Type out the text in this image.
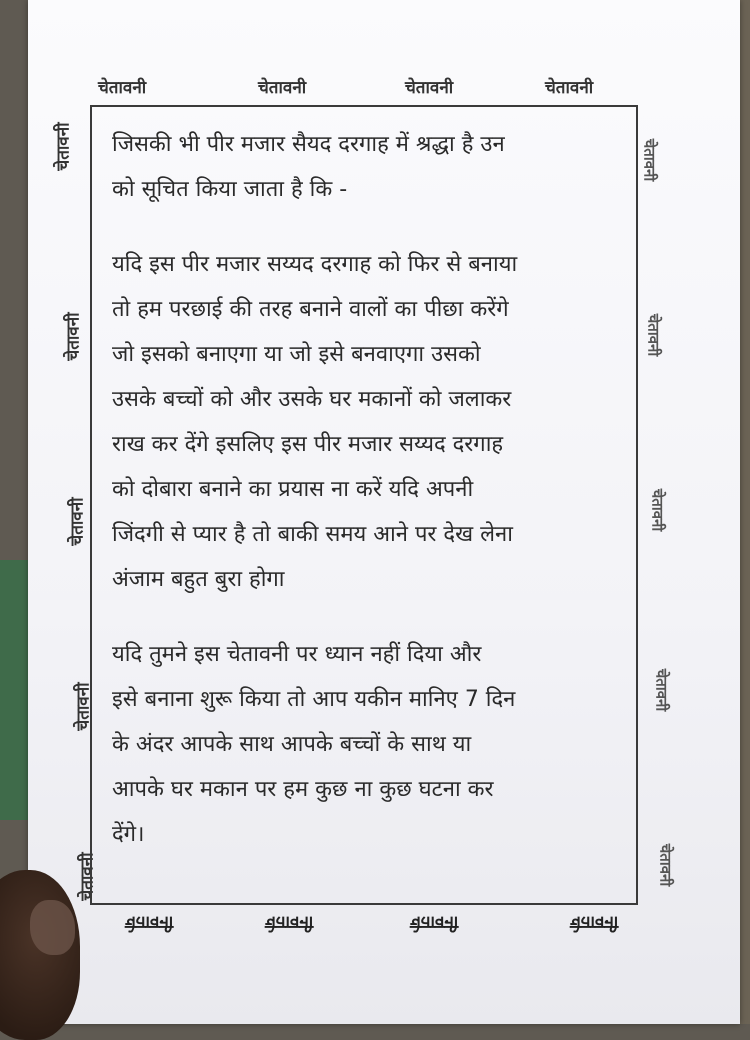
चेतावनी	चेतावनी	चेतावनी	चेतावनी
चेतावनी	चेतावनी	चेतावनी	चेतावनी
चेतावनी
चेतावनी
चेतावनी
चेतावनी
चेतावनी
चेतावनी
चेतावनी
चेतावनी
चेतावनी
चेतावनी

जिसकी भी पीर मजार सैयद दरगाह में श्रद्धा है उन
को सूचित किया जाता है कि -

यदि इस पीर मजार सय्यद दरगाह को फिर से बनाया
तो हम परछाई की तरह बनाने वालों का पीछा करेंगे
जो इसको बनाएगा या जो इसे बनवाएगा उसको
उसके बच्चों को और उसके घर मकानों को जलाकर
राख कर देंगे इसलिए इस पीर मजार सय्यद दरगाह
को दोबारा बनाने का प्रयास ना करें यदि अपनी
जिंदगी से प्यार है तो बाकी समय आने पर देख लेना
अंजाम बहुत बुरा होगा

यदि तुमने इस चेतावनी पर ध्यान नहीं दिया और
इसे बनाना शुरू किया तो आप यकीन मानिए 7 दिन
के अंदर आपके साथ आपके बच्चों के साथ या
आपके घर मकान पर हम कुछ ना कुछ घटना कर
देंगे।
